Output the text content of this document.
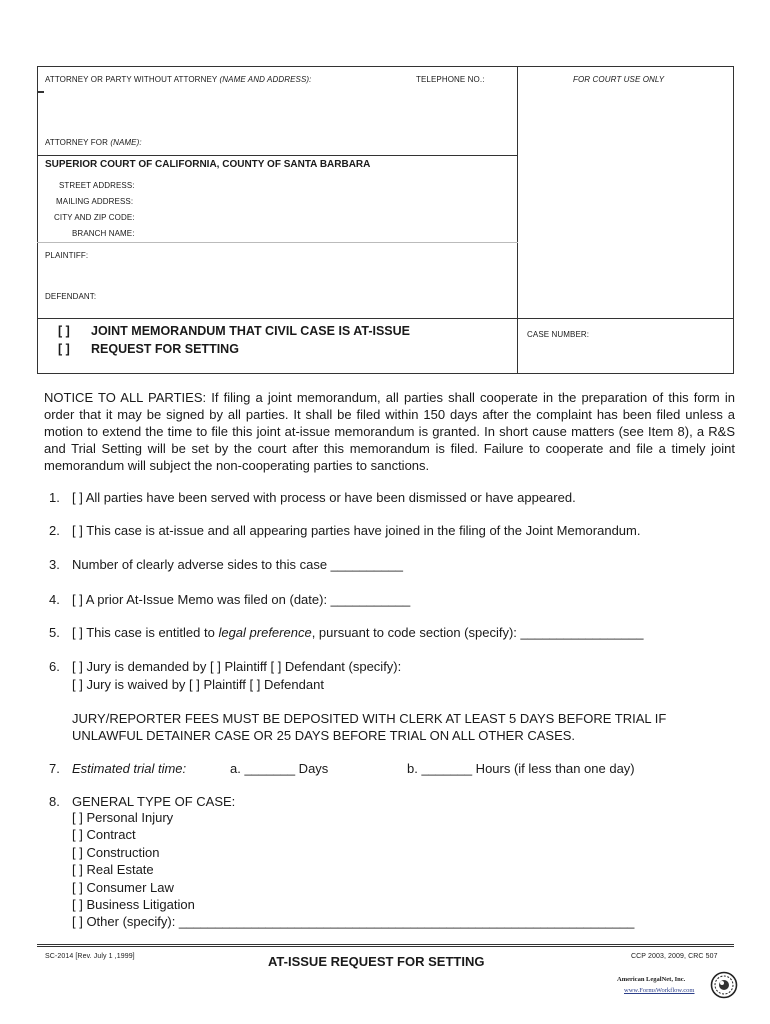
ATTORNEY OR PARTY WITHOUT ATTORNEY (NAME AND ADDRESS):	TELEPHONE NO.:	FOR COURT USE ONLY
ATTORNEY FOR (NAME):
SUPERIOR COURT OF CALIFORNIA, COUNTY OF SANTA BARBARA
STREET ADDRESS:
MAILING ADDRESS:
CITY AND ZIP CODE:
BRANCH NAME:
PLAINTIFF:
DEFENDANT:
[ ] JOINT MEMORANDUM THAT CIVIL CASE IS AT-ISSUE
[ ] REQUEST FOR SETTING
CASE NUMBER:
NOTICE TO ALL PARTIES: If filing a joint memorandum, all parties shall cooperate in the preparation of this form in order that it may be signed by all parties. It shall be filed within 150 days after the complaint has been filed unless a motion to extend the time to file this joint at-issue memorandum is granted. In short cause matters (see Item 8), a R&S and Trial Setting will be set by the court after this memorandum is filed. Failure to cooperate and file a timely joint memorandum will subject the non-cooperating parties to sanctions.
1. [ ] All parties have been served with process or have been dismissed or have appeared.
2. [ ] This case is at-issue and all appearing parties have joined in the filing of the Joint Memorandum.
3. Number of clearly adverse sides to this case __________
4. [ ] A prior At-Issue Memo was filed on (date): ___________
5. [ ] This case is entitled to legal preference, pursuant to code section (specify): _________________
6. [ ] Jury is demanded by [ ] Plaintiff [ ] Defendant (specify):
[ ] Jury is waived by [ ] Plaintiff [ ] Defendant
JURY/REPORTER FEES MUST BE DEPOSITED WITH CLERK AT LEAST 5 DAYS BEFORE TRIAL IF UNLAWFUL DETAINER CASE OR 25 DAYS BEFORE TRIAL ON ALL OTHER CASES.
7. Estimated trial time:	a. _______ Days	b. _______ Hours (if less than one day)
8. GENERAL TYPE OF CASE:
[ ] Personal Injury
[ ] Contract
[ ] Construction
[ ] Real Estate
[ ] Consumer Law
[ ] Business Litigation
[ ] Other (specify): _______________________________________________________________
SC-2014 [Rev. July 1 ,1999]	AT-ISSUE REQUEST FOR SETTING	CCP 2003, 2009, CRC 507
American LegalNet, Inc.
www.FormsWorkflow.com
